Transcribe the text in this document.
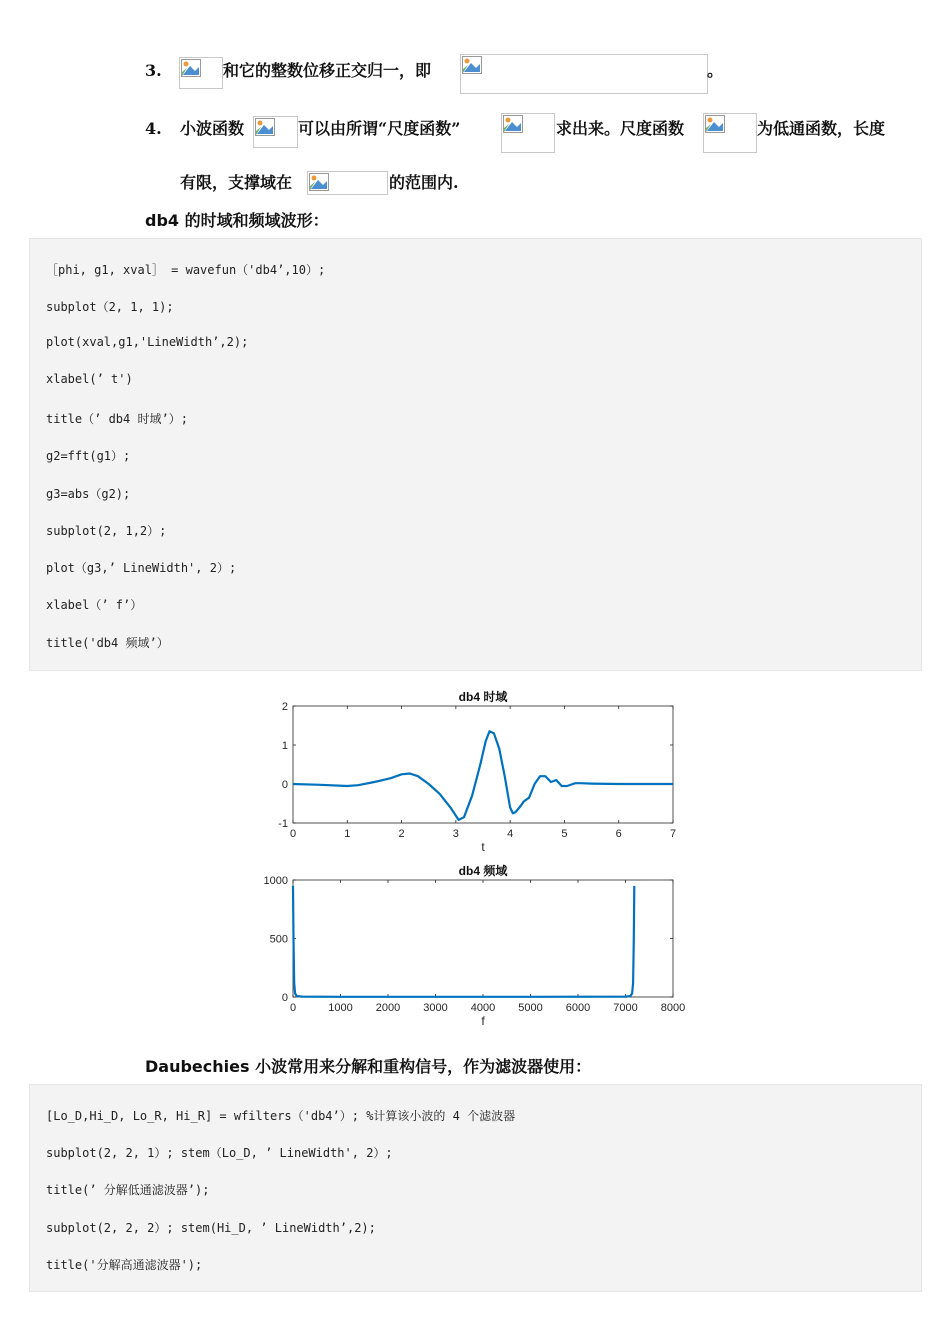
3.	和它的整数位移正交归一，即	。
4. 小波函数	可以由所谓“尺度函数”	求出来。尺度函数	为低通函数，长度
有限，支撑域在	的范围内.
db4 的时域和频域波形：
［phi, g1, xval］ = wavefun（'db4’,10）;
subplot（2, 1, 1);
plot(xval,g1,'LineWidth’,2);
xlabel(’ t')
title（’ db4 时域’）;
g2=fft(g1）;
g3=abs（g2);
subplot(2, 1,2）;
plot（g3,’ LineWidth', 2）;
xlabel（’ f’）
title('db4 频域’）
0	1	2	3	4	5	6	7
-1
0
1
2
db4 时域
t
0	1000 2000 3000 4000 5000 6000 7000 8000
0
500
1000
db4 频域
f
Daubechies 小波常用来分解和重构信号，作为滤波器使用：
[Lo_D,Hi_D, Lo_R, Hi_R] = wfilters（'db4’）; %计算该小波的 4 个滤波器
subplot(2, 2, 1）; stem（Lo_D, ’ LineWidth', 2）;
title(’ 分解低通滤波器’);
subplot(2, 2, 2）; stem(Hi_D, ’ LineWidth’,2);
title('分解高通滤波器');
